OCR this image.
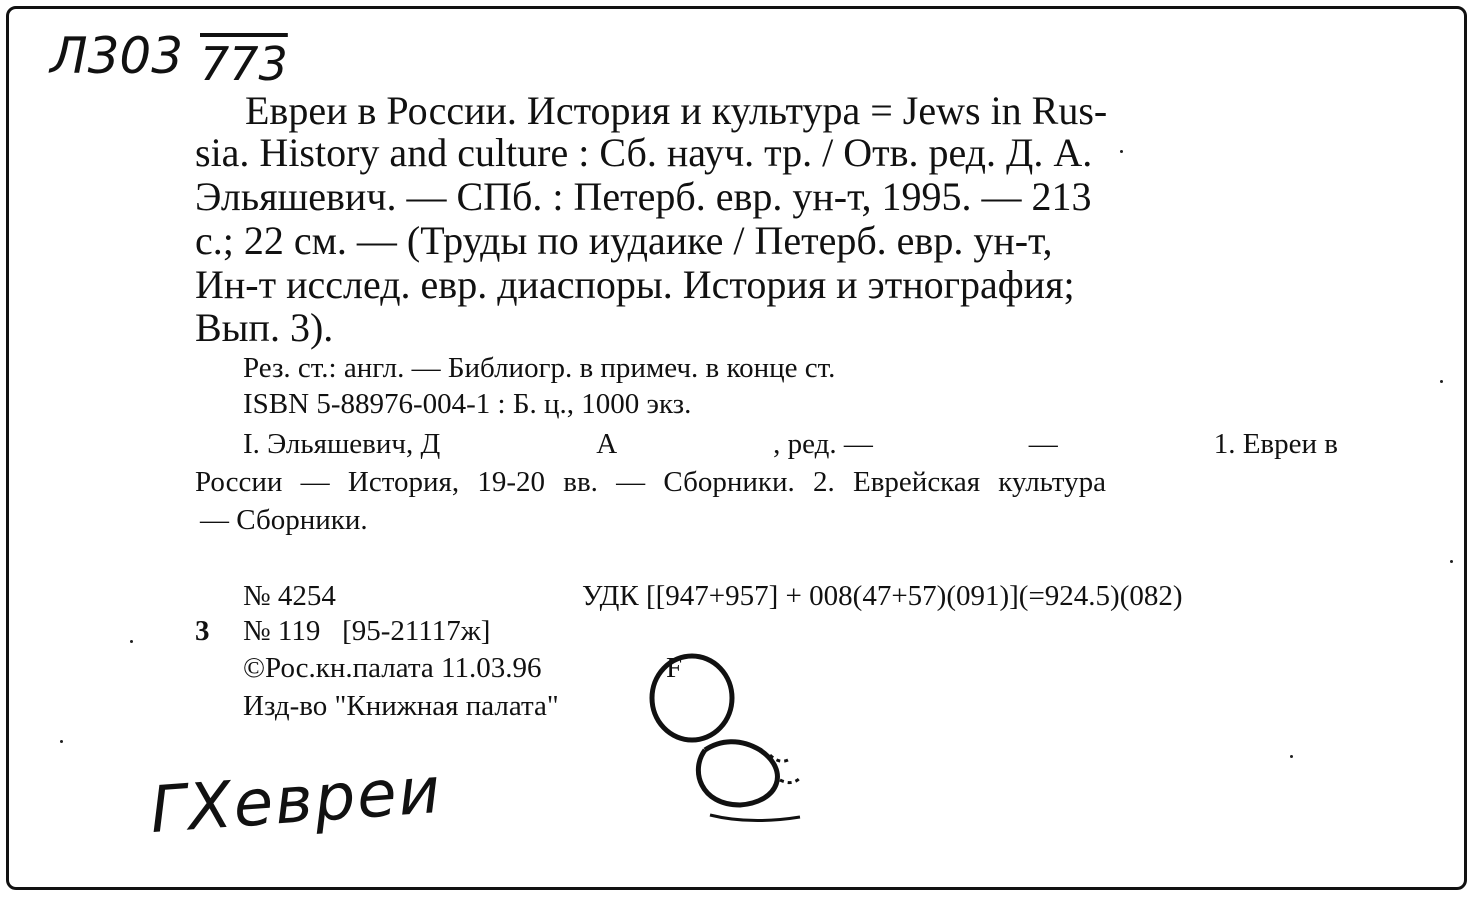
Л303 773
Евреи в России. История и культура = Jews in Rus-
sia. History and culture : Сб. науч. тр. / Отв. ред. Д. А.
Эльяшевич. — СПб. : Петерб. евр. ун-т, 1995. — 213
с.; 22 см. — (Труды по иудаике / Петерб. евр. ун-т,
Ин-т исслед. евр. диаспоры. История и этнография;
Вып. 3).
Рез. ст.: англ. — Библиогр. в примеч. в конце ст.
ISBN 5-88976-004-1 : Б. ц., 1000 экз.
I. Эльяшевич, Д	А	, ред. —	—	1. Евреи в
России — История, 19-20 вв. — Сборники. 2. Еврейская культура
— Сборники.
№ 4254	УДК [[947+957] + 008(47+57)(091)](=924.5)(082)
3 № 119   [95-21117ж]
©Рос.кн.палата 11.03.96	F
Изд-во "Книжная палата"
ГХевреи
